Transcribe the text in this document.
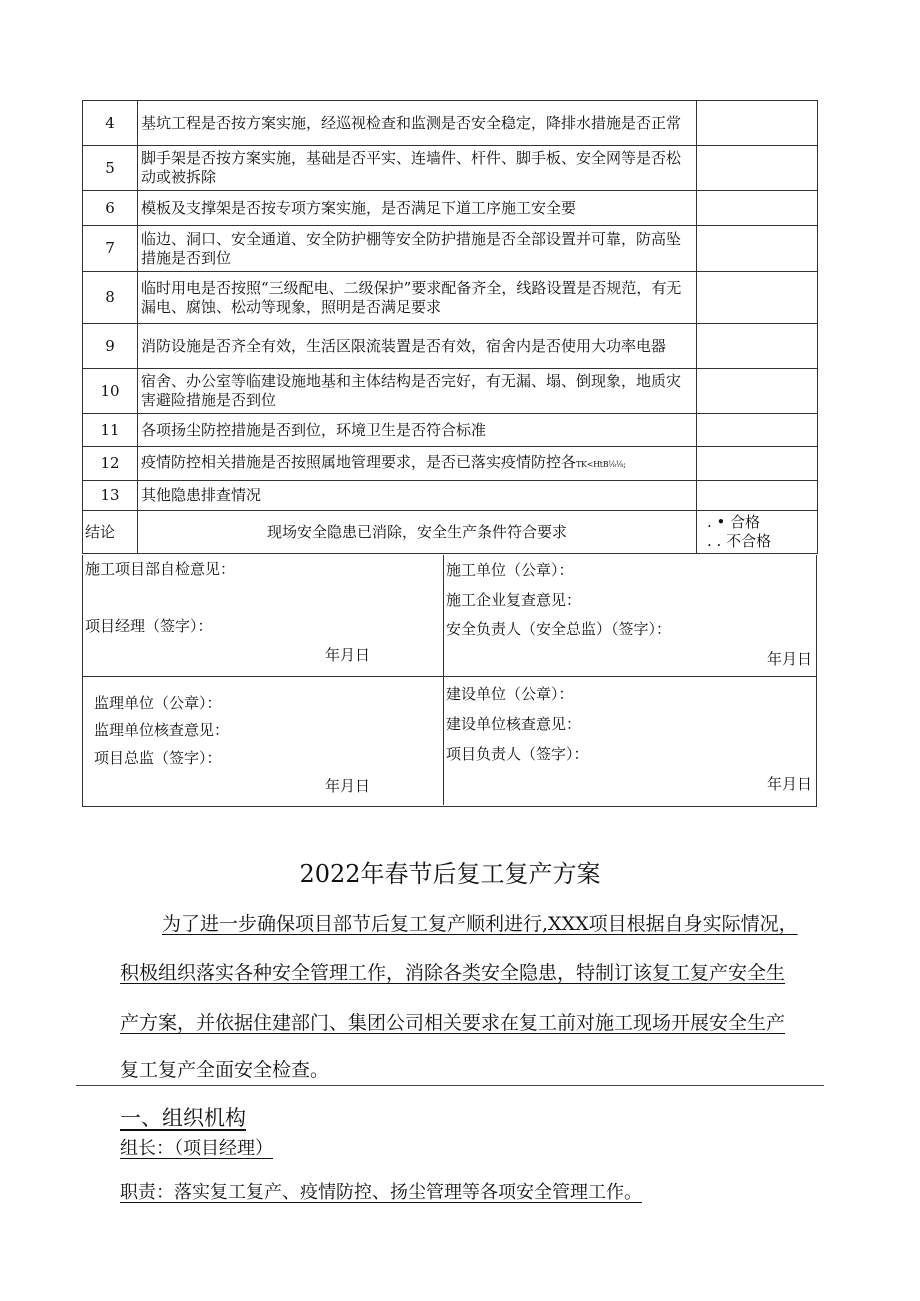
4	基坑工程是否按方案实施，经巡视检查和监测是否安全稳定，降排水措施是否正常	
5	脚手架是否按方案实施，基础是否平实、连墙件、杆件、脚手板、安全网等是否松动或被拆除	
6	模板及支撑架是否按专项方案实施，是否满足下道工序施工安全要	
7	临边、洞口、安全通道、安全防护棚等安全防护措施是否全部设置并可靠，防高坠措施是否到位	
8	临时用电是否按照“三级配电、二级保护”要求配备齐全，线路设置是否规范，有无漏电、腐蚀、松动等现象，照明是否满足要求	
9	消防设施是否齐全有效，生活区限流装置是否有效，宿舍内是否使用大功率电器	
10	宿舍、办公室等临建设施地基和主体结构是否完好，有无漏、塌、倒现象，地质灾害避险措施是否到位	
11	各项扬尘防控措施是否到位，环境卫生是否符合标准	
12	疫情防控相关措施是否按照属地管理要求，是否已落实疫情防控各TK<HtB⅛⅛;	
13	其他隐患排查情况	
结论	现场安全隐患已消除，安全生产条件符合要求	. • 合格
. . 不合格
施工项目部自检意见：
项目经理（签字）：
年月日
施工单位（公章）：
施工企业复查意见：
安全负责人（安全总监）（签字）：
年月日
监理单位（公章）：
监理单位核查意见：
项目总监（签字）：
年月日
建设单位（公章）：
建设单位核查意见：
项目负责人（签字）：
年月日
2022年春节后复工复产方案
为了进一步确保项目部节后复工复产顺利进行,XXX项目根据自身实际情况，
积极组织落实各种安全管理工作，消除各类安全隐患，特制订该复工复产安全生
产方案，并依据住建部门、集团公司相关要求在复工前对施工现场开展安全生产
复工复产全面安全检查。
一、组织机构
组长：（项目经理）
职责：落实复工复产、疫情防控、扬尘管理等各项安全管理工作。
